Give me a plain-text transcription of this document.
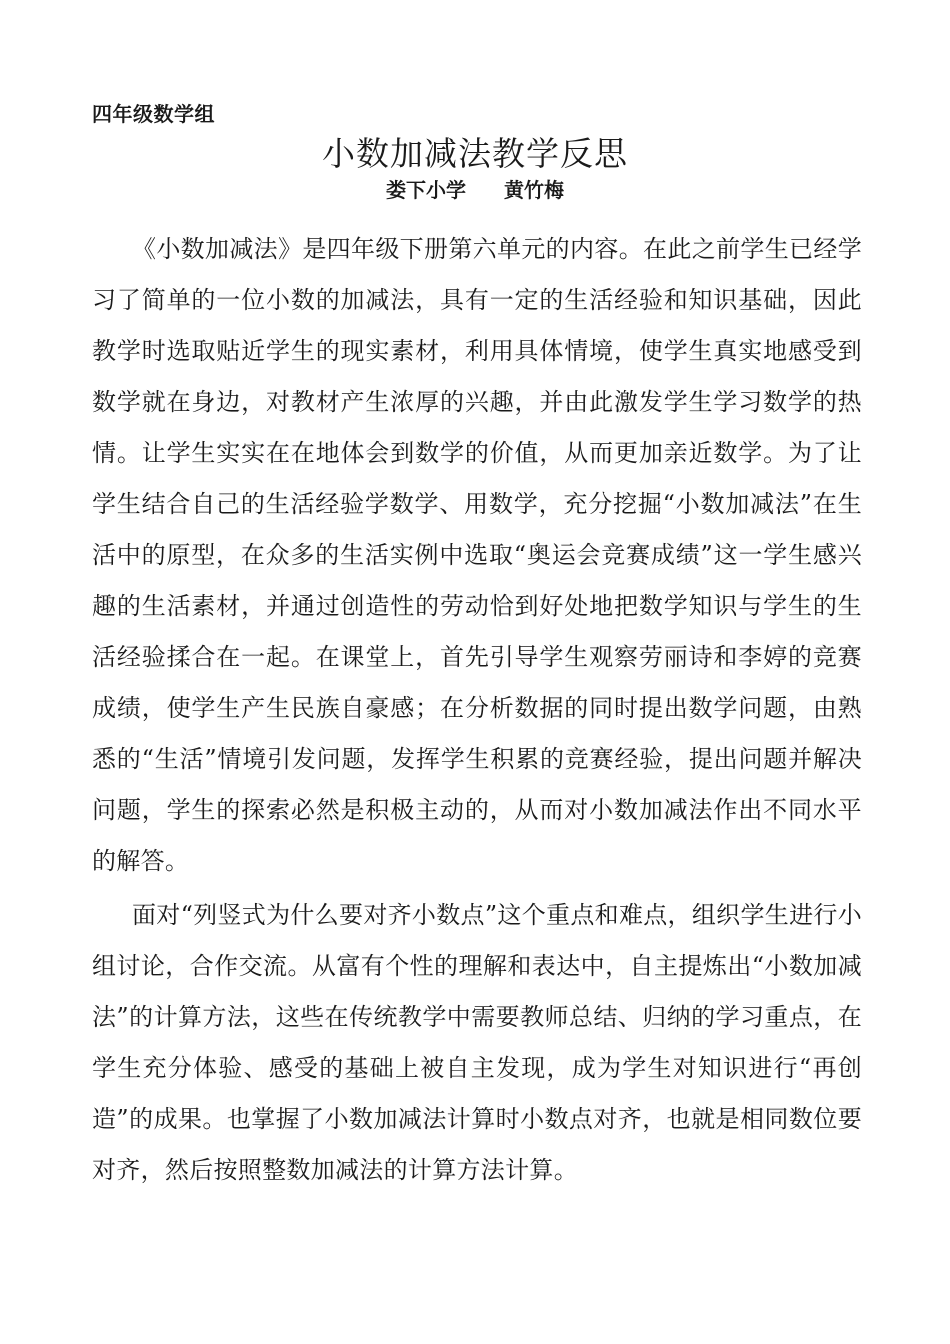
四年级数学组
小数加减法教学反思
娄下小学 黄竹梅

《小数加减法》是四年级下册第六单元的内容。在此之前学生已经学习了简单的一位小数的加减法，具有一定的生活经验和知识基础，因此教学时选取贴近学生的现实素材，利用具体情境，使学生真实地感受到数学就在身边，对教材产生浓厚的兴趣，并由此激发学生学习数学的热情。让学生实实在在地体会到数学的价值，从而更加亲近数学。为了让学生结合自己的生活经验学数学、用数学，充分挖掘“小数加减法”在生活中的原型，在众多的生活实例中选取“奥运会竞赛成绩”这一学生感兴趣的生活素材，并通过创造性的劳动恰到好处地把数学知识与学生的生活经验揉合在一起。在课堂上，首先引导学生观察劳丽诗和李婷的竞赛成绩，使学生产生民族自豪感；在分析数据的同时提出数学问题，由熟悉的“生活”情境引发问题，发挥学生积累的竞赛经验，提出问题并解决问题，学生的探索必然是积极主动的，从而对小数加减法作出不同水平的解答。

面对“列竖式为什么要对齐小数点”这个重点和难点，组织学生进行小组讨论，合作交流。从富有个性的理解和表达中，自主提炼出“小数加减法”的计算方法，这些在传统教学中需要教师总结、归纳的学习重点，在学生充分体验、感受的基础上被自主发现，成为学生对知识进行“再创造”的成果。也掌握了小数加减法计算时小数点对齐，也就是相同数位要对齐，然后按照整数加减法的计算方法计算。
